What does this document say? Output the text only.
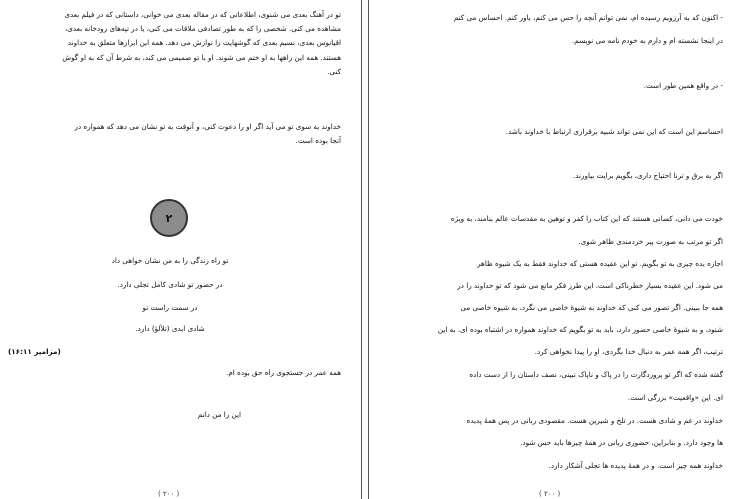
تو در آهنگ بعدی می شنوی، اطلاعاتی که در مقاله بعدی می خوانی، داستانی که در فیلم بعدی

مشاهده می کنی. شخصی را که به طور تصادفی ملاقات می کنی، یا در تپه‌های رودخانه بعدی،

اقیانوس بعدی، نسیم بعدی که گوشهایت را نوازش می دهد. همه این ابزارها متعلق به خداوند

هستند. همه این راهها به او ختم می شوند. او با تو صمیمی می کند، به شرط آن که به او گوش

کنی.

خداوند به سوی تو می آید اگر او را دعوت کنی، و آنوقت به تو نشان می دهد که همواره در

آنجا بوده است.

۲
تو راه زندگی را به من نشان خواهی داد
در حضور تو شادی کامل تجلی دارد.
در سمت راست تو
شادی ابدی (تلألؤ) دارد.
(مزامیر ۱۶:۱۱)
همه عمر در جستجوی راه حق بوده ام.
این را من دانم
( ۲۰۰ )
- اکنون که به آرزویم رسیده ام، نمی توانم آنچه را حس می کنم، باور کنم. احساس می کنم
در اینجا نشسته ام و دارم به خودم نامه می نویسم.
- در واقع همین طور است.
احساسم این است که این نمی تواند شبیه برقراری ارتباط با خداوند باشد.
اگر به برق و ترنا احتیاج داری، بگویم برایت بیاورند.
خودت می دانی، کسانی هستند که این کتاب را کفر و توهین به مقدسات عالم بنامند، به ویژه
اگر تو مرتب به صورت پیر خردمندی ظاهر شوی.
اجازه بده چیزی به تو بگویم. تو این عقیده هستی که خداوند فقط به یک شیوه ظاهر
می شود. این عقیده بسیار خطرناکی است. این طرز فکر مانع می شود که تو خداوند را در
همه جا ببینی. اگر تصور می کنی که خداوند به شیوهٔ خاصی می نگرد، به شیوه خاصی می
شنود، و به شیوهٔ خاصی حضور دارد، باید به تو بگویم که خداوند همواره در اشتباه بوده ای. به این
ترتیب، اگر همه عمر به دنبال خدا بگردی، او را پیدا نخواهی کرد.
گفته شده که اگر تو پروردگارت را در پاک و ناپاک نبینی، نصف داستان را از دست داده
ای. این «واقعیت» بزرگی است.
خداوند در غم و شادی هست. در تلخ و شیرین هست. مقصودی ربانی در پس همهٔ پدیده
ها وجود دارد. و بنابراین، حضوری ربانی در همهٔ چیزها باید حس شود.
خداوند همه چیز است. و در همهٔ پدیده ها تجلی آشکار دارد.
( ۲۰۰ )
